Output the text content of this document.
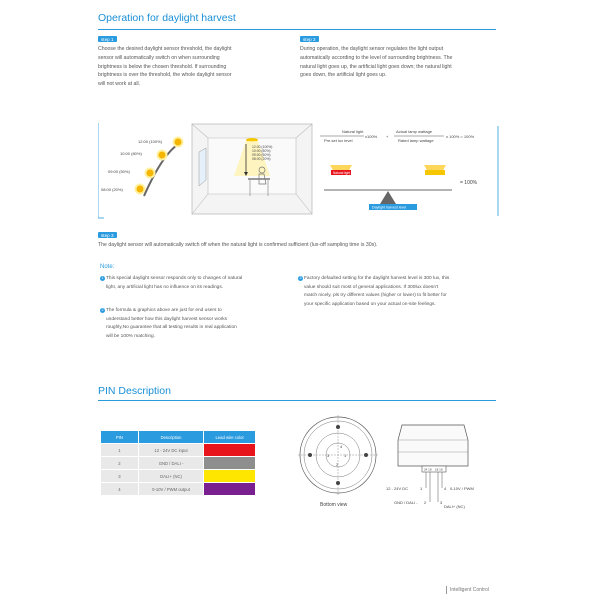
Operation for daylight harvest
step 1
Choose the desired daylight sensor threshold, the daylight
sensor will automatically switch on when surrounding
brightness is below the chosen threshold. If surrounding
brightness is over the threshold, the whole daylight sensor
will not work at all.
step 2
During operation, the daylight sensor regulates the light output
automatically according to the level of surrounding brightness. The
natural light goes up, the artificial light goes down; the natural light
goes down, the artificial light goes up.
12:00 (100%)
10:00 (80%)
09:00 (50%)
08:00 (20%)
12:00 (100%)
10:00 (80%)
09:00 (50%)
08:00 (20%)
Natural light
Pre-set lux level
x100% +
Actual lamp wattage
Rated lamp wattage
x 100% = 100%
Natural light
Daylight harvest level
= 100%
step 3
The daylight sensor will automatically switch off when the natural light is confirmed sufficient (lux-off sampling time is 30s).
Note:
1 This special daylight sensor responds only to changes of natural
light, any artificial light has no influence on its readings.
2 The formula & graphics above are just for end users to
understand better how this daylight harvest sensor works
roughly,No guarantee that all testing results in real application
will be 100% matching.
3 Factory defaulted setting for the daylight harvest level is 300 lux, this
value should suit most of general applications. If 300lux doesn't
match nicely, pls try different values (higher or lower) to fit better for
your specific application based on your actual on-site feelings.
PIN Description
PIN	Description	Lead wire color
1	12 - 24V DC input	
2	GND / DALI -	
3	DALI+ (NC)	
4	0-10V / PWM output	
4
3	1
2
Bottom view
24 18 18 18
12 - 24V DC	1	4 0-10V / PWM
GND / DALI - 2	3
DALI+ (NC)
Intelligent Control
